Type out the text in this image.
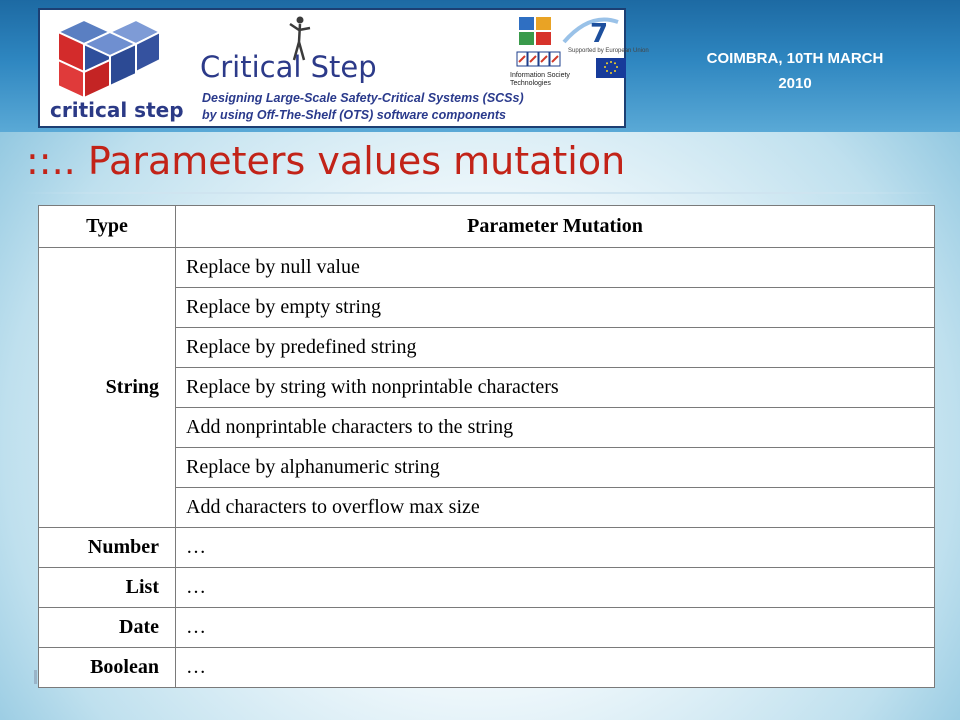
critical step
Critical Step
Designing Large-Scale Safety-Critical Systems (SCSs)
by using Off-The-Shelf (OTS) software components
7
Supported by European Union
Information Society
Technologies
COIMBRA, 10TH MARCH
2010
::.. Parameters values mutation
Type	Parameter Mutation
String	Replace by null value
	Replace by empty string
	Replace by predefined string
	Replace by string with nonprintable characters
	Add nonprintable characters to the string
	Replace by alphanumeric string
	Add characters to overflow max size
Number	…
List	…
Date	…
Boolean	…
